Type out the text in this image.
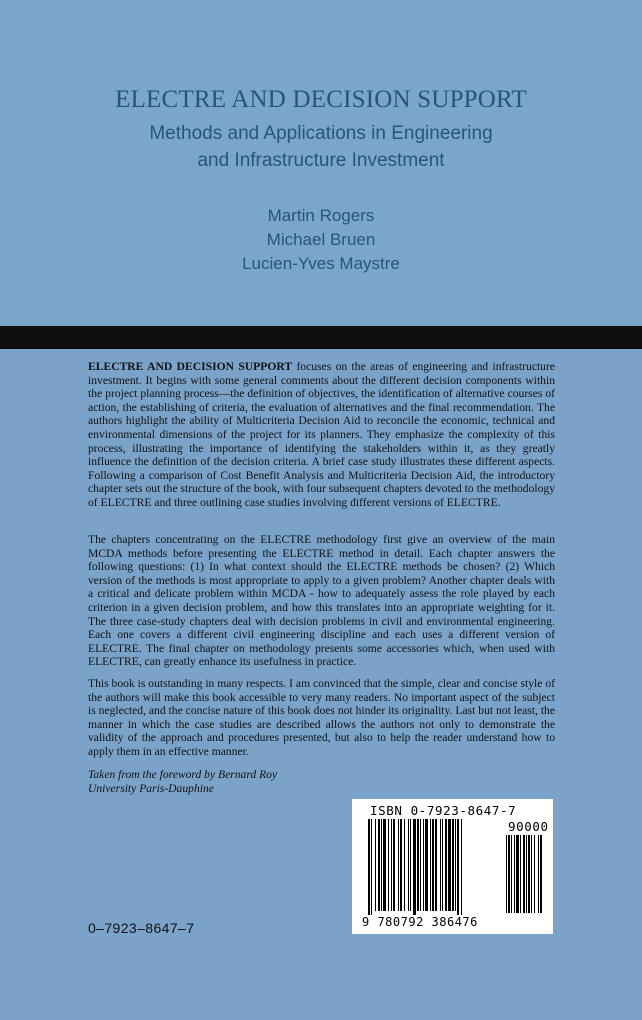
ELECTRE AND DECISION SUPPORT
Methods and Applications in Engineering
and Infrastructure Investment
Martin Rogers
Michael Bruen
Lucien-Yves Maystre
ELECTRE AND DECISION SUPPORT focuses on the areas of engineering and infrastructure investment. It begins with some general comments about the different decision components within the project planning process—the definition of objectives, the identification of alternative courses of action, the establishing of criteria, the evaluation of alternatives and the final recommendation. The authors highlight the ability of Multicriteria Decision Aid to reconcile the economic, technical and environmental dimensions of the project for its planners. They emphasize the complexity of this process, illustrating the importance of identifying the stakeholders within it, as they greatly influence the definition of the decision criteria. A brief case study illustrates these different aspects. Following a comparison of Cost Benefit Analysis and Multicriteria Decision Aid, the introductory chapter sets out the structure of the book, with four subsequent chapters devoted to the methodology of ELECTRE and three outlining case studies involving different versions of ELECTRE.
The chapters concentrating on the ELECTRE methodology first give an overview of the main MCDA methods before presenting the ELECTRE method in detail. Each chapter answers the following questions: (1) In what context should the ELECTRE methods be chosen? (2) Which version of the methods is most appropriate to apply to a given problem? Another chapter deals with a critical and delicate problem within MCDA - how to adequately assess the role played by each criterion in a given decision problem, and how this translates into an appropriate weighting for it. The three case-study chapters deal with decision problems in civil and environmental engineering. Each one covers a different civil engineering discipline and each uses a different version of ELECTRE. The final chapter on methodology presents some accessories which, when used with ELECTRE, can greatly enhance its usefulness in practice.
This book is outstanding in many respects. I am convinced that the simple, clear and concise style of the authors will make this book accessible to very many readers. No important aspect of the subject is neglected, and the concise nature of this book does not hinder its originality. Last but not least, the manner in which the case studies are described allows the authors not only to demonstrate the validity of the approach and procedures presented, but also to help the reader understand how to apply them in an effective manner.
Taken from the foreword by Bernard Roy
University Paris-Dauphine
ISBN 0-7923-8647-7
90000
9 780792 386476
0–7923–8647–7
